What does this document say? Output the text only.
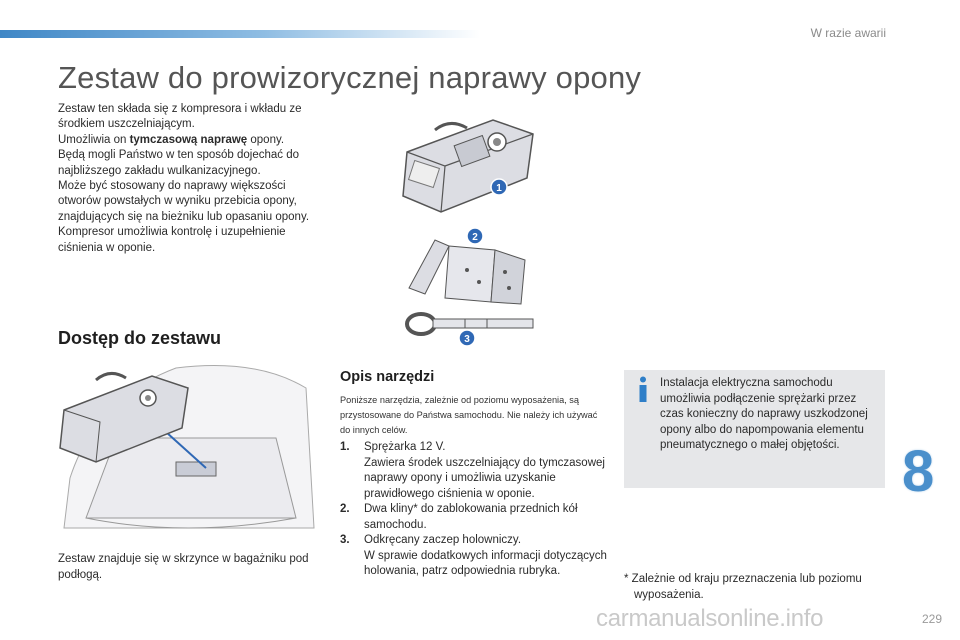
W razie awarii
Zestaw do prowizorycznej naprawy opony

Zestaw ten składa się z kompresora i wkładu ze środkiem uszczelniającym.

Umożliwia on tymczasową naprawę opony.

Będą mogli Państwo w ten sposób dojechać do najbliższego zakładu wulkanizacyjnego.

Może być stosowany do naprawy większości otworów powstałych w wyniku przebicia opony, znajdujących się na bieżniku lub opasaniu opony.

Kompresor umożliwia kontrolę i uzupełnienie ciśnienia w oponie.

1
2
3
Dostęp do zestawu

Zestaw znajduje się w skrzynce w bagażniku pod podłogą.

Opis narzędzi

Poniższe narzędzia, zależnie od poziomu wyposażenia, są przystosowane do Państwa samochodu. Nie należy ich używać do innych celów.

1. Sprężarka 12 V.
Zawiera środek uszczelniający do tymczasowej naprawy opony i umożliwia uzyskanie prawidłowego ciśnienia w oponie.
2. Dwa kliny* do zablokowania przednich kół samochodu.
3. Odkręcany zaczep holowniczy.
W sprawie dodatkowych informacji dotyczących holowania, patrz odpowiednia rubryka.

Instalacja elektryczna samochodu umożliwia podłączenie sprężarki przez czas konieczny do naprawy uszkodzonej opony albo do napompowania elementu pneumatycznego o małej objętości.	8

* Zależnie od kraju przeznaczenia lub poziomu wyposażenia.

carmanualsonline.info	229
